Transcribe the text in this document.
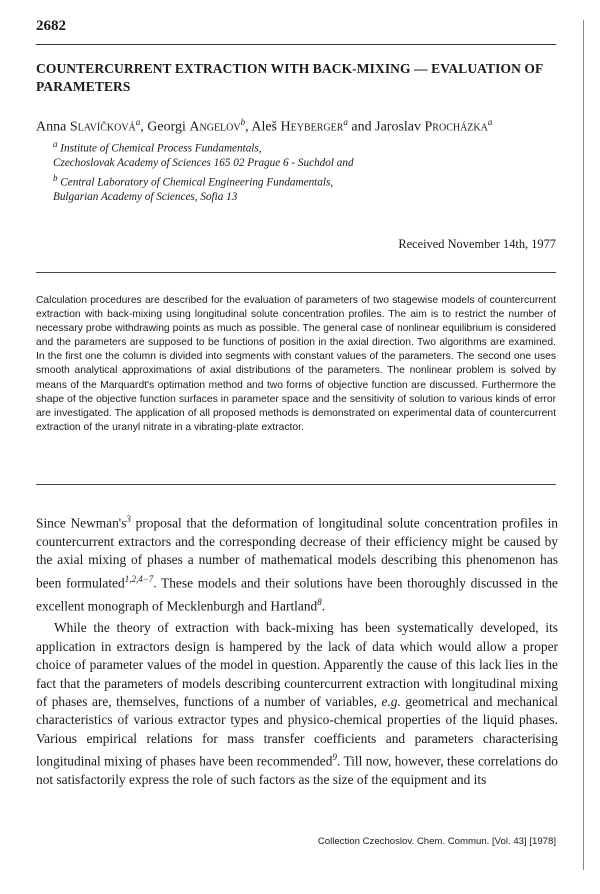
2682
COUNTERCURRENT EXTRACTION WITH BACK-MIXING — EVALUATION OF PARAMETERS
Anna Slavíčková$^a$, Georgi Angelov$^b$, Aleš Heyberger$^a$ and Jaroslav Procházka$^a$
$^a$ Institute of Chemical Process Fundamentals,
Czechoslovak Academy of Sciences 165 02 Prague 6 - Suchdol and
$^b$ Central Laboratory of Chemical Engineering Fundamentals,
Bulgarian Academy of Sciences, Sofia 13
Received November 14th, 1977
Calculation procedures are described for the evaluation of parameters of two stagewise models of countercurrent extraction with back-mixing using longitudinal solute concentration profiles. The aim is to restrict the number of necessary probe withdrawing points as much as possible. The general case of nonlinear equilibrium is considered and the parameters are supposed to be functions of position in the axial direction. Two algorithms are examined. In the first one the column is divided into segments with constant values of the parameters. The second one uses smooth analytical approximations of axial distributions of the parameters. The nonlinear problem is solved by means of the Marquardt's optimation method and two forms of objective function are discussed. Furthermore the shape of the objective function surfaces in parameter space and the sensitivity of solution to various kinds of error are investigated. The application of all proposed methods is demonstrated on experimental data of countercurrent extraction of the uranyl nitrate in a vibrating-plate extractor.

Since $Newman's^3$ proposal that the deformation of longitudinal solute concentration profiles in countercurrent extractors and the corresponding decrease of their efficiency might be caused by the axial mixing of phases a number of mathematical models describing this phenomenon has been formulated$^{1,2,4-7}$. These models and their solutions have been thoroughly discussed in the excellent monograph of Mecklenburgh and Hartland$^8$.

While the theory of extraction with back-mixing has been systematically developed, its application in extractors design is hampered by the lack of data which would allow a proper choice of parameter values of the model in question. Apparently the cause of this lack lies in the fact that the parameters of models describing countercurrent extraction with longitudinal mixing of phases are, themselves, functions of a number of variables, e.g. geometrical and mechanical characteristics of various extractor types and physico-chemical properties of the liquid phases. Various empirical relations for mass transfer coefficients and parameters characterising longitudinal mixing of phases have been recommended$^9$. Till now, however, these correlations do not satisfactorily express the role of such factors as the size of the equipment and its

Collection Czechoslov. Chem. Commun. [Vol. 43] [1978]
